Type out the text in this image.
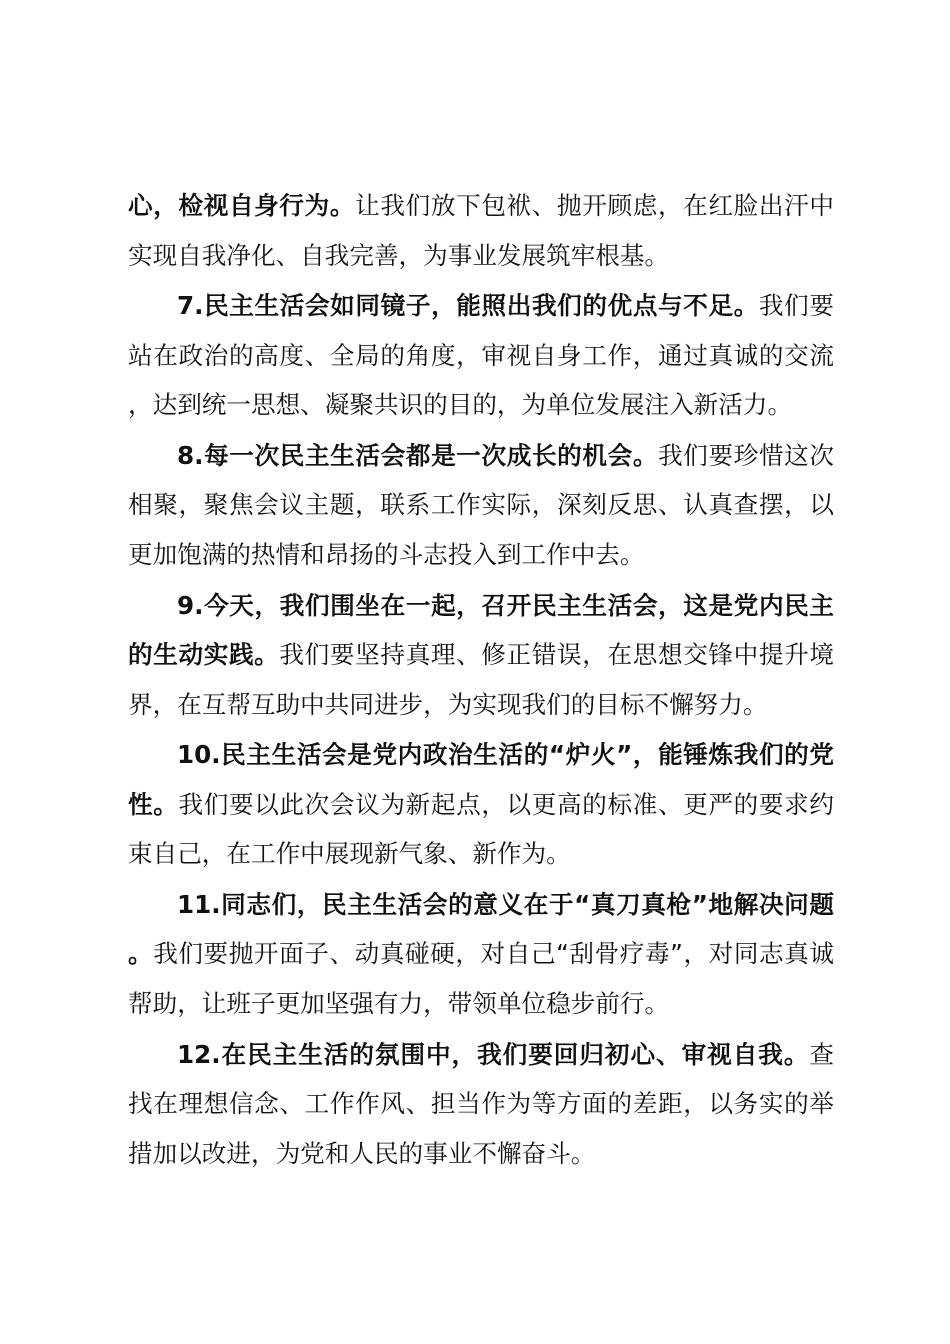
心，检视自身行为。让我们放下包袱、抛开顾虑，在红脸出汗中实现自我净化、自我完善，为事业发展筑牢根基。

7.民主生活会如同镜子，能照出我们的优点与不足。我们要站在政治的高度、全局的角度，审视自身工作，通过真诚的交流，达到统一思想、凝聚共识的目的，为单位发展注入新活力。

8.每一次民主生活会都是一次成长的机会。我们要珍惜这次相聚，聚焦会议主题，联系工作实际，深刻反思、认真查摆，以更加饱满的热情和昂扬的斗志投入到工作中去。

9.今天，我们围坐在一起，召开民主生活会，这是党内民主的生动实践。我们要坚持真理、修正错误，在思想交锋中提升境界，在互帮互助中共同进步，为实现我们的目标不懈努力。

10.民主生活会是党内政治生活的“炉火”，能锤炼我们的党性。我们要以此次会议为新起点，以更高的标准、更严的要求约束自己，在工作中展现新气象、新作为。

11.同志们，民主生活会的意义在于“真刀真枪”地解决问题。我们要抛开面子、动真碰硬，对自己“刮骨疗毒”，对同志真诚帮助，让班子更加坚强有力，带领单位稳步前行。

12.在民主生活的氛围中，我们要回归初心、审视自我。查找在理想信念、工作作风、担当作为等方面的差距，以务实的举措加以改进，为党和人民的事业不懈奋斗。
